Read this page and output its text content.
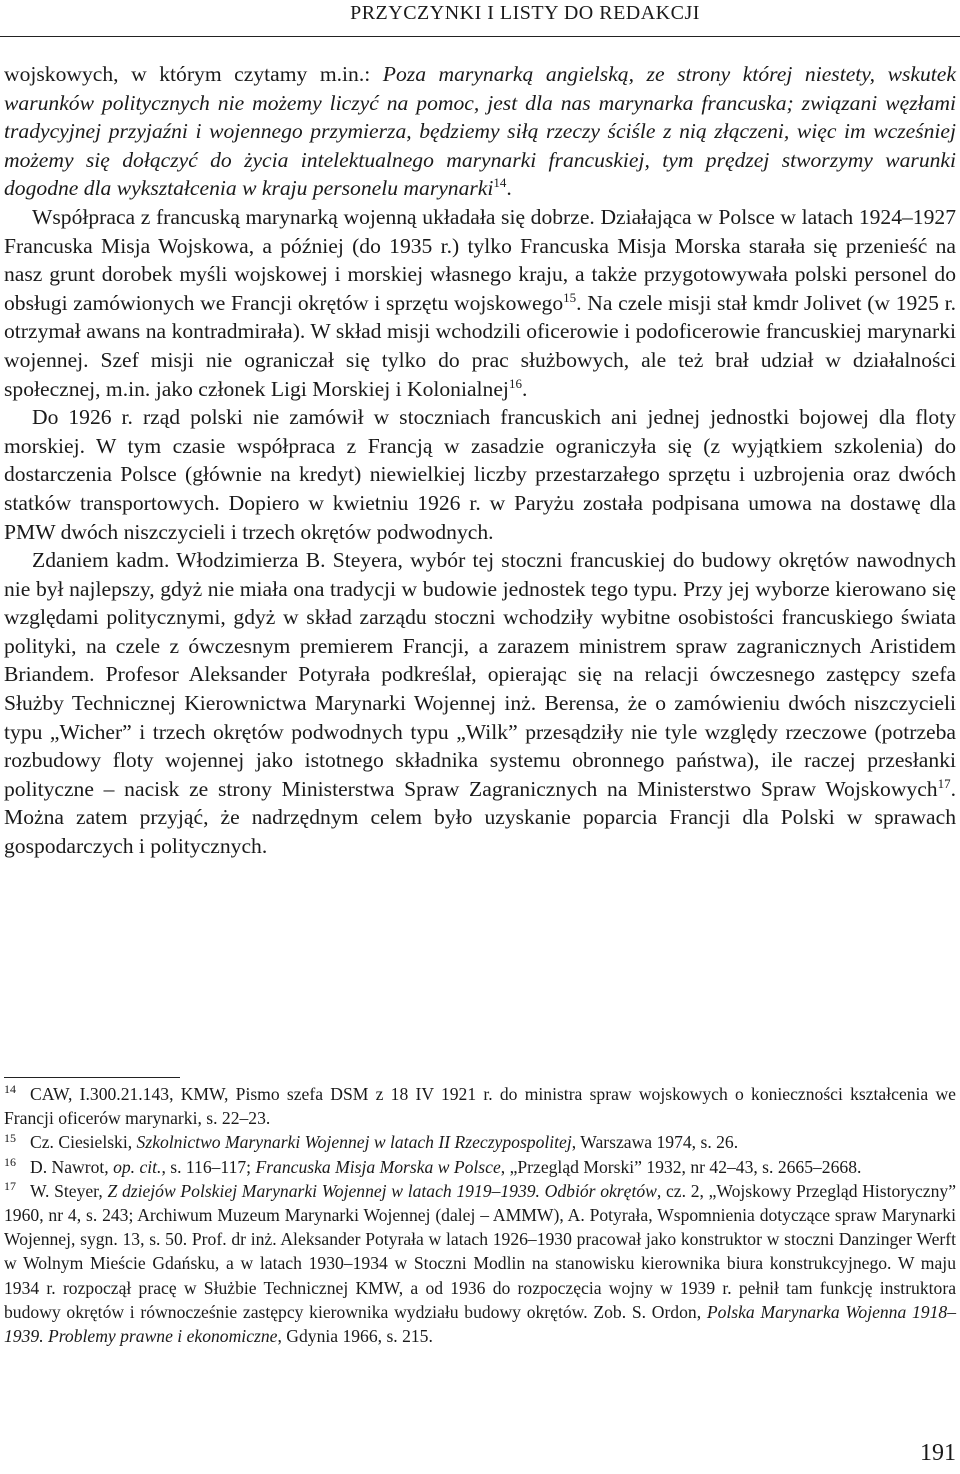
PRZYCZYNKI I LISTY DO REDAKCJI

wojskowych, w którym czytamy m.in.: Poza marynarką angielską, ze strony której niestety, wskutek warunków politycznych nie możemy liczyć na pomoc, jest dla nas marynarka francuska; związani węzłami tradycyjnej przyjaźni i wojennego przymierza, będziemy siłą rzeczy ściśle z nią złączeni, więc im wcześniej możemy się dołączyć do życia intelektualnego marynarki francuskiej, tym prędzej stworzymy warunki dogodne dla wykształcenia w kraju personelu marynarki$^{14}$.

Współpraca z francuską marynarką wojenną układała się dobrze. Działająca w Polsce w latach 1924–1927 Francuska Misja Wojskowa, a później (do 1935 r.) tylko Francuska Misja Morska starała się przenieść na nasz grunt dorobek myśli wojskowej i morskiej własnego kraju, a także przygotowywała polski personel do obsługi zamówionych we Francji okrętów i sprzętu wojskowego$^{15}$. Na czele misji stał kmdr Jolivet (w 1925 r. otrzymał awans na kontradmirała). W skład misji wchodzili oficerowie i podoficerowie francuskiej marynarki wojennej. Szef misji nie ograniczał się tylko do prac służbowych, ale też brał udział w działalności społecznej, m.in. jako członek Ligi Morskiej i Kolonialnej$^{16}$.

Do 1926 r. rząd polski nie zamówił w stoczniach francuskich ani jednej jednostki bojowej dla floty morskiej. W tym czasie współpraca z Francją w zasadzie ograniczyła się (z wyjątkiem szkolenia) do dostarczenia Polsce (głównie na kredyt) niewielkiej liczby przestarzałego sprzętu i uzbrojenia oraz dwóch statków transportowych. Dopiero w kwietniu 1926 r. w Paryżu została podpisana umowa na dostawę dla PMW dwóch niszczycieli i trzech okrętów podwodnych.

Zdaniem kadm. Włodzimierza B. Steyera, wybór tej stoczni francuskiej do budowy okrętów nawodnych nie był najlepszy, gdyż nie miała ona tradycji w budowie jednostek tego typu. Przy jej wyborze kierowano się względami politycznymi, gdyż w skład zarządu stoczni wchodziły wybitne osobistości francuskiego świata polityki, na czele z ówczesnym premierem Francji, a zarazem ministrem spraw zagranicznych Aristidem Briandem. Profesor Aleksander Potyrała podkreślał, opierając się na relacji ówczesnego zastępcy szefa Służby Technicznej Kierownictwa Marynarki Wojennej inż. Berensa, że o zamówieniu dwóch niszczycieli typu „Wicher” i trzech okrętów podwodnych typu „Wilk” przesądziły nie tyle względy rzeczowe (potrzeba rozbudowy floty wojennej jako istotnego składnika systemu obronnego państwa), ile raczej przesłanki polityczne – nacisk ze strony Ministerstwa Spraw Zagranicznych na Ministerstwo Spraw Wojskowych$^{17}$. Można zatem przyjąć, że nadrzędnym celem było uzyskanie poparcia Francji dla Polski w sprawach gospodarczych i politycznych.

14 CAW, I.300.21.143, KMW, Pismo szefa DSM z 18 IV 1921 r. do ministra spraw wojskowych o konieczności kształcenia we Francji oficerów marynarki, s. 22–23.

15 Cz. Ciesielski, Szkolnictwo Marynarki Wojennej w latach II Rzeczypospolitej, Warszawa 1974, s. 26.

16 D. Nawrot, op. cit., s. 116–117; Francuska Misja Morska w Polsce, „Przegląd Morski” 1932, nr 42–43, s. 2665–2668.

17 W. Steyer, Z dziejów Polskiej Marynarki Wojennej w latach 1919–1939. Odbiór okrętów, cz. 2, „Wojskowy Przegląd Historyczny” 1960, nr 4, s. 243; Archiwum Muzeum Marynarki Wojennej (dalej – AMMW), A. Potyrała, Wspomnienia dotyczące spraw Marynarki Wojennej, sygn. 13, s. 50. Prof. dr inż. Aleksander Potyrała w latach 1926–1930 pracował jako konstruktor w stoczni Danzinger Werft w Wolnym Mieście Gdańsku, a w latach 1930–1934 w Stoczni Modlin na stanowisku kierownika biura konstrukcyjnego. W maju 1934 r. rozpoczął pracę w Służbie Technicznej KMW, a od 1936 do rozpoczęcia wojny w 1939 r. pełnił tam funkcję instruktora budowy okrętów i równocześnie zastępcy kierownika wydziału budowy okrętów. Zob. S. Ordon, Polska Marynarka Wojenna 1918–1939. Problemy prawne i ekonomiczne, Gdynia 1966, s. 215.

191
